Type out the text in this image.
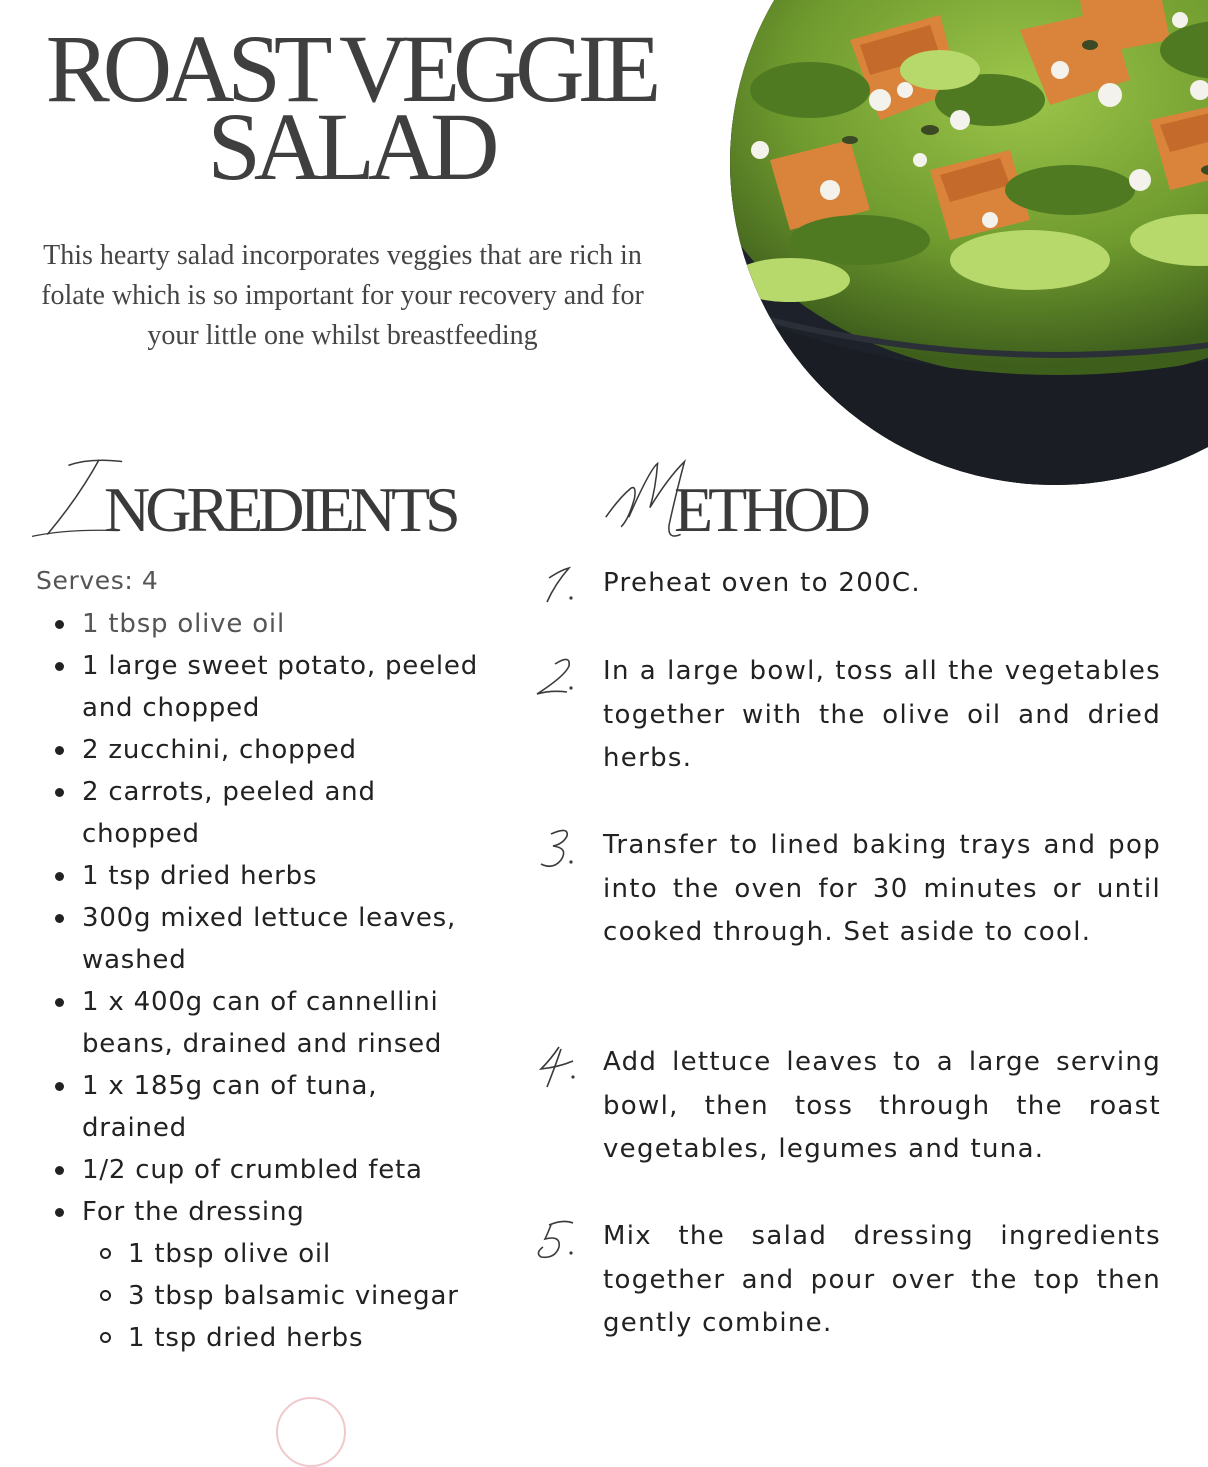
ROAST VEGGIE
SALAD

This hearty salad incorporates veggies that are rich in folate which is so important for your recovery and for your little one whilst breastfeeding

NGREDIENTS
Serves: 4
1 tbsp olive oil
1 large sweet potato, peeled and chopped
2 zucchini, chopped
2 carrots, peeled and chopped
1 tsp dried herbs
300g mixed lettuce leaves, washed
1 x 400g can of cannellini beans, drained and rinsed
1 x 185g can of tuna, drained
1/2 cup of crumbled feta
For the dressing
1 tbsp olive oil
3 tbsp balsamic vinegar
1 tsp dried herbs
ETHOD
Preheat oven to 200C.
In a large bowl, toss all the vegetables together with the olive oil and dried herbs.
Transfer to lined baking trays and pop into the oven for 30 minutes or until cooked through. Set aside to cool.
Add lettuce leaves to a large serving bowl, then toss through the roast vegetables, legumes and tuna.
Mix the salad dressing ingredients together and pour over the top then gently combine.
